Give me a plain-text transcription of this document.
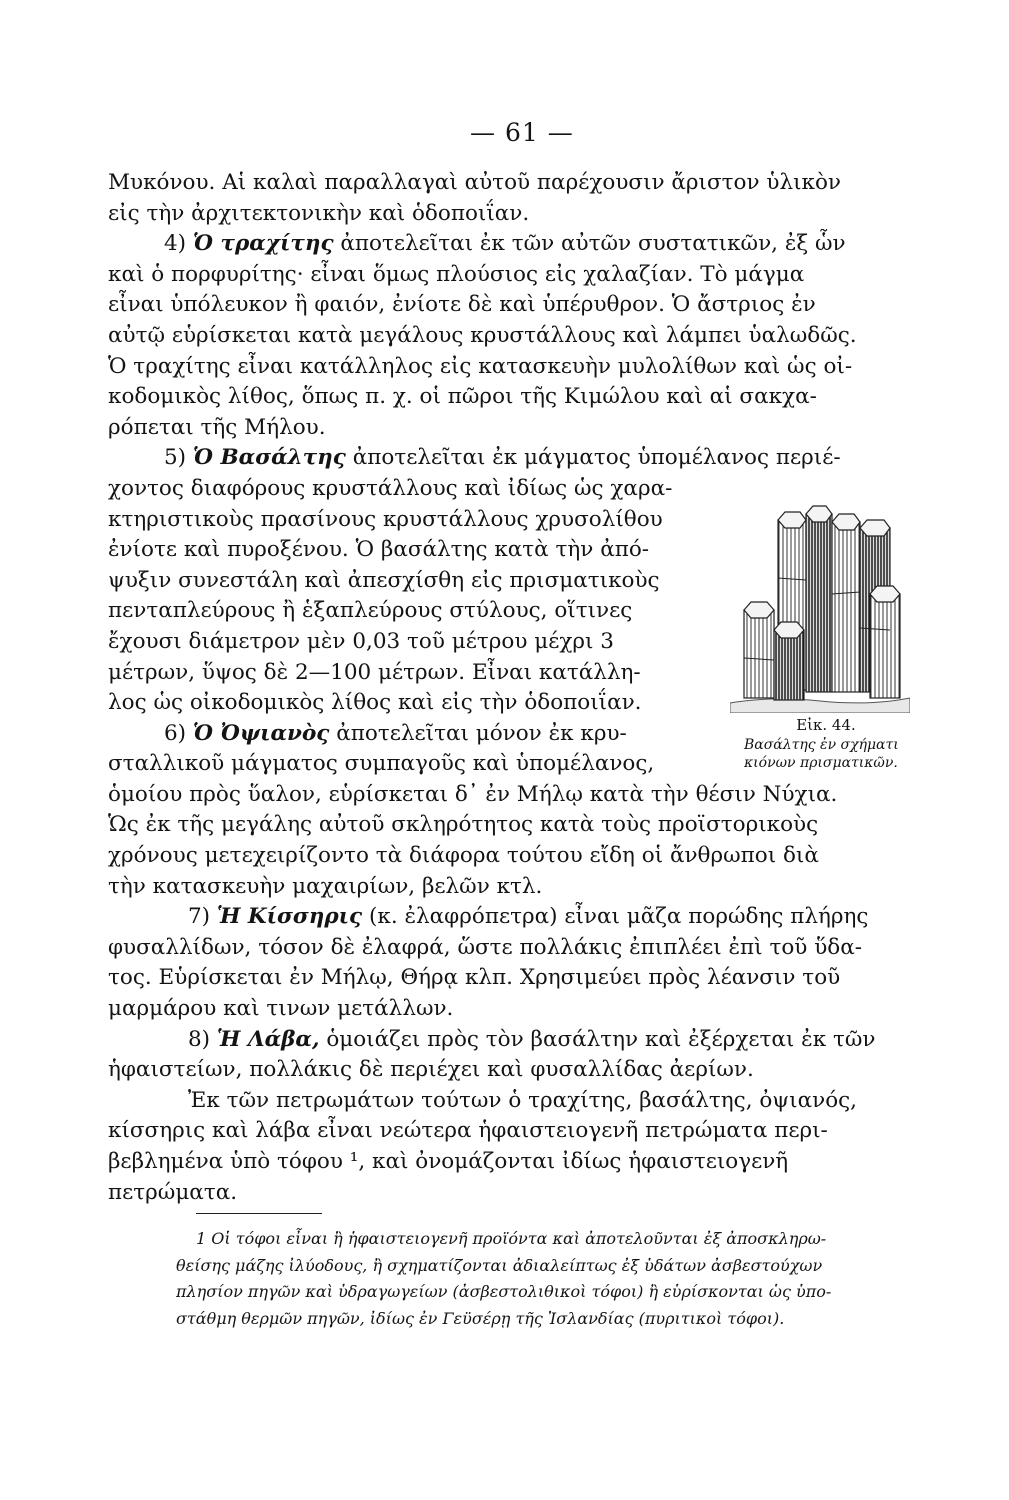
— 61 —
Μυκόνου. Αἱ καλαὶ παραλλαγαὶ αὐτοῦ παρέχουσιν ἄριστον ὑλικὸν
εἰς τὴν ἀρχιτεκτονικὴν καὶ ὁδοποιΐαν.
4) Ὁ τραχίτης ἀποτελεῖται ἐκ τῶν αὐτῶν συστατικῶν, ἐξ ὧν
καὶ ὁ πορφυρίτης· εἶναι ὅμως πλούσιος εἰς χαλαζίαν. Τὸ μάγμα
εἶναι ὑπόλευκον ἢ φαιόν, ἐνίοτε δὲ καὶ ὑπέρυθρον. Ὁ ἄστριος ἐν
αὐτῷ εὑρίσκεται κατὰ μεγάλους κρυστάλλους καὶ λάμπει ὑαλωδῶς.
Ὁ τραχίτης εἶναι κατάλληλος εἰς κατασκευὴν μυλολίθων καὶ ὡς οἰ-
κοδομικὸς λίθος, ὅπως π. χ. οἱ πῶροι τῆς Κιμώλου καὶ αἱ σακχα-
ρόπεται τῆς Μήλου.
5) Ὁ Βασάλτης ἀποτελεῖται ἐκ μάγματος ὑπομέλανος περιέ-
χοντος διαφόρους κρυστάλλους καὶ ἰδίως ὡς χαρα-
κτηριστικοὺς πρασίνους κρυστάλλους χρυσολίθου
ἐνίοτε καὶ πυροξένου. Ὁ βασάλτης κατὰ τὴν ἀπό-
ψυξιν συνεστάλη καὶ ἀπεσχίσθη εἰς πρισματικοὺς
πενταπλεύρους ἢ ἑξαπλεύρους στύλους, οἵτινες
ἔχουσι διάμετρον μὲν 0,03 τοῦ μέτρου μέχρι 3
μέτρων, ὕψος δὲ 2—100 μέτρων. Εἶναι κατάλλη-
λος ὡς οἰκοδομικὸς λίθος καὶ εἰς τὴν ὁδοποιΐαν.
6) Ὁ Ὀψιανὸς ἀποτελεῖται μόνον ἐκ κρυ-
σταλλικοῦ μάγματος συμπαγοῦς καὶ ὑπομέλανος,
ὁμοίου πρὸς ὕαλον, εὑρίσκεται δ᾽ ἐν Μήλῳ κατὰ τὴν θέσιν Νύχια.
Ὡς ἐκ τῆς μεγάλης αὐτοῦ σκληρότητος κατὰ τοὺς προϊστορικοὺς
χρόνους μετεχειρίζοντο τὰ διάφορα τούτου εἴδη οἱ ἄνθρωποι διὰ
τὴν κατασκευὴν μαχαιρίων, βελῶν κτλ.
7) Ἡ Κίσσηρις (κ. ἐλαφρόπετρα) εἶναι μᾶζα πορώδης πλήρης
φυσαλλίδων, τόσον δὲ ἐλαφρά, ὥστε πολλάκις ἐπιπλέει ἐπὶ τοῦ ὕδα-
τος. Εὑρίσκεται ἐν Μήλῳ, Θήρᾳ κλπ. Χρησιμεύει πρὸς λέανσιν τοῦ
μαρμάρου καὶ τινων μετάλλων.
8) Ἡ Λάβα, ὁμοιάζει πρὸς τὸν βασάλτην καὶ ἐξέρχεται ἐκ τῶν
ἡφαιστείων, πολλάκις δὲ περιέχει καὶ φυσαλλίδας ἀερίων.
Ἐκ τῶν πετρωμάτων τούτων ὁ τραχίτης, βασάλτης, ὀψιανός,
κίσσηρις καὶ λάβα εἶναι νεώτερα ἡφαιστειογενῆ πετρώματα περι-
βεβλημένα ὑπὸ τόφου ¹, καὶ ὀνομάζονται ἰδίως ἡφαιστειογενῆ
πετρώματα.
Εἰκ. 44.
Βασάλτης ἐν σχήματι κιόνων πρισματικῶν.
1 Οἱ τόφοι εἶναι ἢ ἡφαιστειογενῆ προϊόντα καὶ ἀποτελοῦνται ἐξ ἀποσκληρω-
θείσης μάζης ἰλύοδους, ἢ σχηματίζονται ἀδιαλείπτως ἐξ ὑδάτων ἀσβεστούχων
πλησίον πηγῶν καὶ ὑδραγωγείων (ἀσβεστολιθικοὶ τόφοι) ἢ εὑρίσκονται ὡς ὑπο-
στάθμη θερμῶν πηγῶν, ἰδίως ἐν Γεϋσέρῃ τῆς Ἰσλανδίας (πυριτικοὶ τόφοι).
